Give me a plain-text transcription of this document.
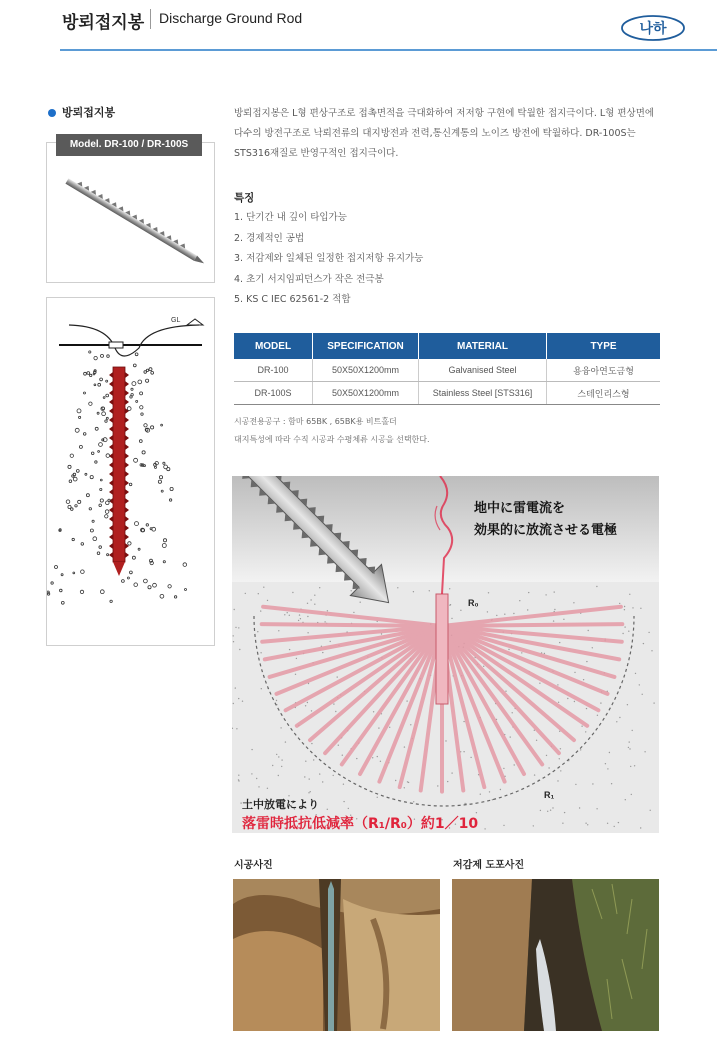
방뢰접지봉 Discharge Ground Rod
나하
방뢰접지봉
Model. DR-100 / DR-100S
GL
방뢰접지봉은 L형 편상구조로 접촉면적을 극대화하여 저저항 구현에 탁월한 접지극이다. L형 편상면에 다수의 방전구조로 낙뢰전류의 대지방전과 전력,통신계통의 노이즈 방전에 탁월하다. DR-100S는 STS316재질로 반영구적인 접지극이다.
특징
1. 단기간 내 깊이 타입가능
2. 경제적인 공법
3. 저감제와 일체된 일정한 접지저항 유지가능
4. 초기 서지임피던스가 작은 전극봉
5. KS C IEC 62561-2 적합
MODEL	SPECIFICATION	MATERIAL	TYPE
DR-100	50X50X1200mm	Galvanised Steel	용융아연도금형
DR-100S	50X50X1200mm	Stainless Steel [STS316]	스테인리스형
시공전용공구 : 함마 65BK , 65BK용 비트홀더
대지특성에 따라 수직 시공과 수평체류 시공을 선택한다.
地中に雷電流を
効果的に放流させる電極
R₀
R₁
土中放電により
落雷時抵抗低減率（R₁/R₀）約1／10
시공사진	저감제 도포사진
